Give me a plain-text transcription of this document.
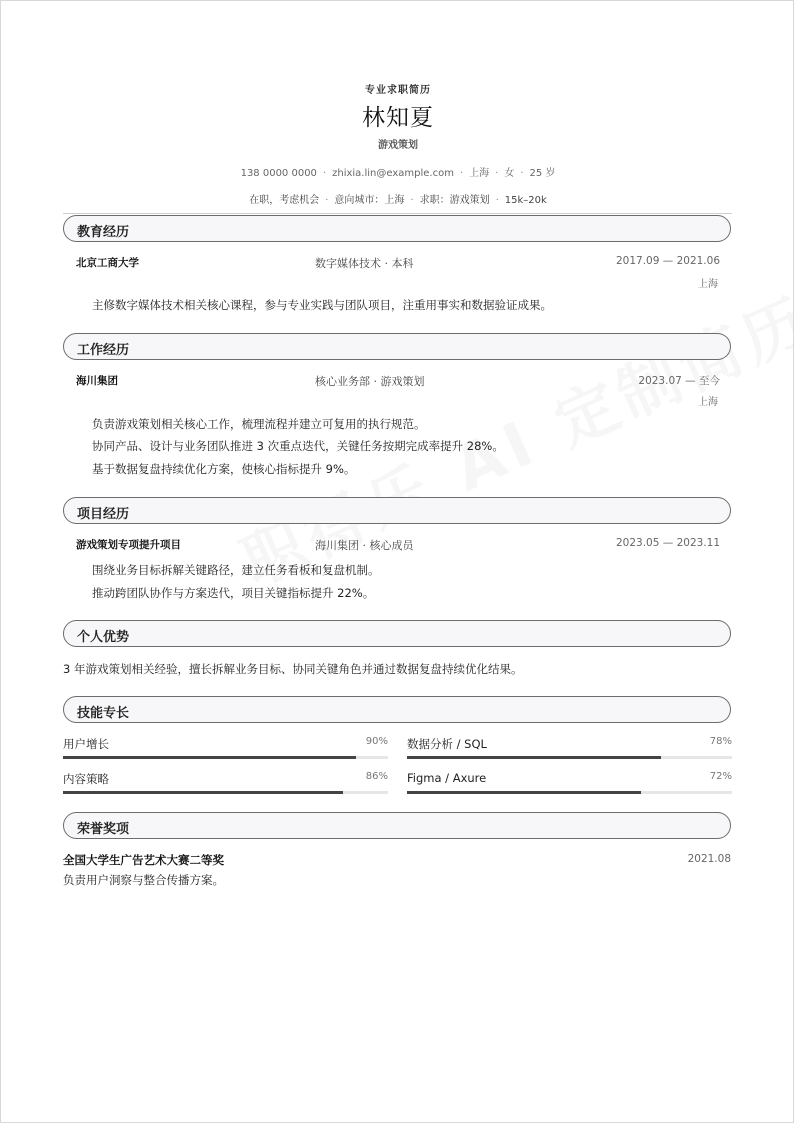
专业求职简历
林知夏
游戏策划
138 0000 0000 · zhixia.lin@example.com · 上海 · 女 · 25 岁
在职，考虑机会 · 意向城市：上海 · 求职：游戏策划 · 15k–20k
教育经历
北京工商大学	数字媒体技术 · 本科	2017.09 — 2021.06
上海
主修数字媒体技术相关核心课程，参与专业实践与团队项目，注重用事实和数据验证成果。
工作经历
海川集团	核心业务部 · 游戏策划	2023.07 — 至今
上海
负责游戏策划相关核心工作，梳理流程并建立可复用的执行规范。
协同产品、设计与业务团队推进 3 次重点迭代，关键任务按期完成率提升 28%。
基于数据复盘持续优化方案，使核心指标提升 9%。
项目经历
游戏策划专项提升项目	海川集团 · 核心成员	2023.05 — 2023.11
围绕业务目标拆解关键路径，建立任务看板和复盘机制。
推动跨团队协作与方案迭代，项目关键指标提升 22%。
个人优势
3 年游戏策划相关经验，擅长拆解业务目标、协同关键角色并通过数据复盘持续优化结果。
技能专长
用户增长	90% 数据分析 / SQL	78%
内容策略	86% Figma / Axure	72%
荣誉奖项
全国大学生广告艺术大赛二等奖	2021.08
负责用户洞察与整合传播方案。
